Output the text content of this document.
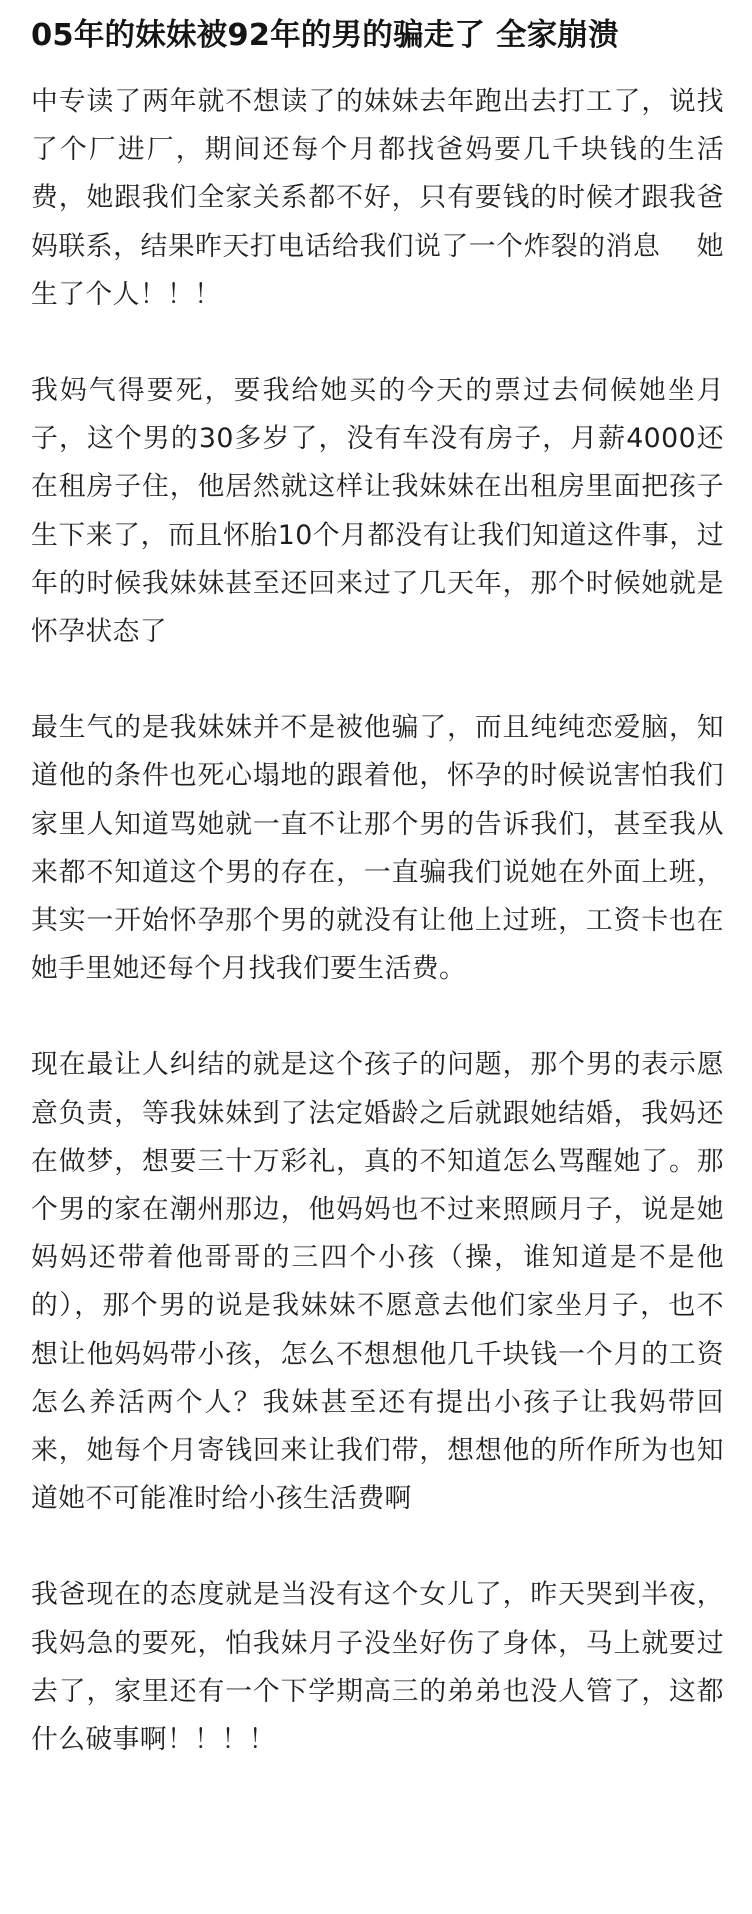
05年的妹妹被92年的男的骗走了 全家崩溃

中专读了两年就不想读了的妹妹去年跑出去打工了，说找了个厂进厂，期间还每个月都找爸妈要几千块钱的生活费，她跟我们全家关系都不好，只有要钱的时候才跟我爸妈联系，结果昨天打电话给我们说了一个炸裂的消息　 她生了个人！！！

我妈气得要死，要我给她买的今天的票过去伺候她坐月子，这个男的30多岁了，没有车没有房子，月薪4000还在租房子住，他居然就这样让我妹妹在出租房里面把孩子生下来了，而且怀胎10个月都没有让我们知道这件事，过年的时候我妹妹甚至还回来过了几天年，那个时候她就是怀孕状态了

最生气的是我妹妹并不是被他骗了，而且纯纯恋爱脑，知道他的条件也死心塌地的跟着他，怀孕的时候说害怕我们家里人知道骂她就一直不让那个男的告诉我们，甚至我从来都不知道这个男的存在，一直骗我们说她在外面上班，其实一开始怀孕那个男的就没有让他上过班，工资卡也在她手里她还每个月找我们要生活费。

现在最让人纠结的就是这个孩子的问题，那个男的表示愿意负责，等我妹妹到了法定婚龄之后就跟她结婚，我妈还在做梦，想要三十万彩礼，真的不知道怎么骂醒她了。那个男的家在潮州那边，他妈妈也不过来照顾月子，说是她妈妈还带着他哥哥的三四个小孩（操，谁知道是不是他的），那个男的说是我妹妹不愿意去他们家坐月子，也不想让他妈妈带小孩，怎么不想想他几千块钱一个月的工资怎么养活两个人？我妹甚至还有提出小孩子让我妈带回来，她每个月寄钱回来让我们带，想想他的所作所为也知道她不可能准时给小孩生活费啊

我爸现在的态度就是当没有这个女儿了，昨天哭到半夜，我妈急的要死，怕我妹月子没坐好伤了身体，马上就要过去了，家里还有一个下学期高三的弟弟也没人管了，这都什么破事啊！！！！
